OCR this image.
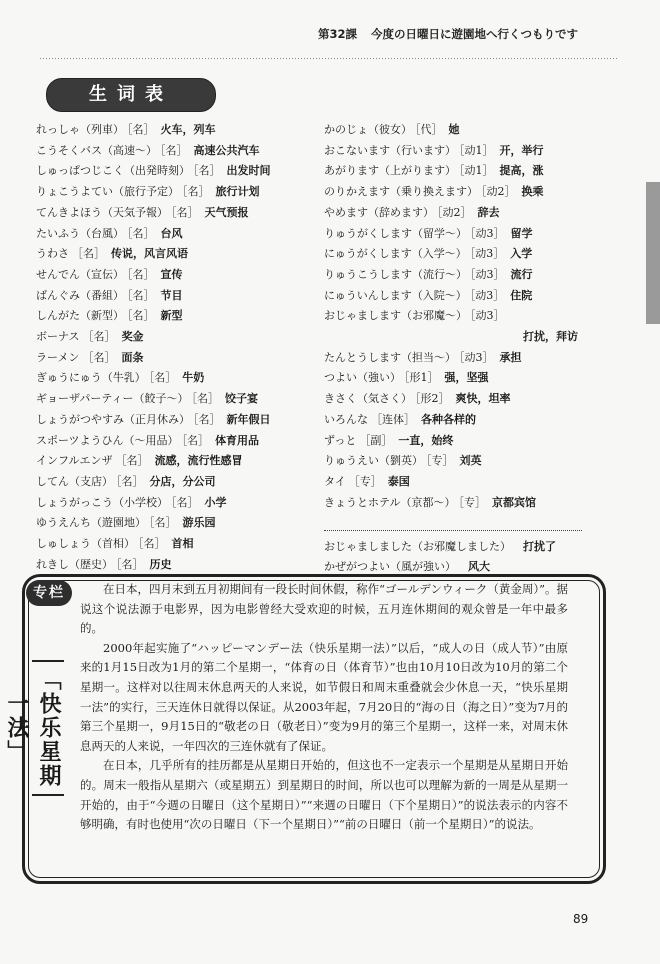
第32課 今度の日曜日に遊園地へ行くつもりです
生词表
れっしゃ（列車） ［名］ 火车，列车
こうそくバス（高速～） ［名］ 高速公共汽车
しゅっぱつじこく（出発時刻） ［名］ 出发时间
りょこうよてい（旅行予定） ［名］ 旅行计划
てんきよほう（天気予報） ［名］ 天气预报
たいふう（台風） ［名］ 台风
うわさ ［名］ 传说，风言风语
せんでん（宣伝） ［名］ 宣传
ばんぐみ（番組） ［名］ 节目
しんがた（新型） ［名］ 新型
ボーナス ［名］ 奖金
ラーメン ［名］ 面条
ぎゅうにゅう（牛乳） ［名］ 牛奶
ギョーザパーティー（餃子～） ［名］ 饺子宴
しょうがつやすみ（正月休み） ［名］ 新年假日
スポーツようひん（～用品） ［名］ 体育用品
インフルエンザ ［名］ 流感，流行性感冒
してん（支店） ［名］ 分店，分公司
しょうがっこう（小学校） ［名］ 小学
ゆうえんち（遊園地） ［名］ 游乐园
しゅしょう（首相） ［名］ 首相
れきし（歴史） ［名］ 历史
かのじょ（彼女） ［代］ 她
おこないます（行います） ［动1］ 开，举行
あがります（上がります） ［动1］ 提高，涨
のりかえます（乗り換えます） ［动2］ 换乘
やめます（辞めます） ［动2］ 辞去
りゅうがくします（留学～） ［动3］ 留学
にゅうがくします（入学～） ［动3］ 入学
りゅうこうします（流行～） ［动3］ 流行
にゅういんします（入院～） ［动3］ 住院
おじゃまします（お邪魔～） ［动3］
打扰，拜访
たんとうします（担当～） ［动3］ 承担
つよい（強い） ［形1］ 强，坚强
きさく（気さく） ［形2］ 爽快，坦率
いろんな ［连体］ 各种各样的
ずっと ［副］ 一直，始终
りゅうえい（劉英） ［专］ 刘英
タイ ［专］ 泰国
きょうとホテル（京都～） ［专］ 京都宾馆
おじゃましました（お邪魔しました） 打扰了
かぜがつよい（風が強い） 风大
专栏
「快乐星期一法」

在日本，四月末到五月初期间有一段长时间休假，称作“ゴールデンウィーク（黄金周）”。据说这个说法源于电影界，因为电影曾经大受欢迎的时候，五月连休期间的观众曾是一年中最多的。

2000年起实施了“ハッピーマンデー法（快乐星期一法）”以后，“成人の日（成人节）”由原来的1月15日改为1月的第二个星期一，“体育の日（体育节）”也由10月10日改为10月的第二个星期一。这样对以往周末休息两天的人来说，如节假日和周末重叠就会少休息一天，“快乐星期一法”的实行，三天连休日就得以保证。从2003年起，7月20日的“海の日（海之日）”变为7月的第三个星期一，9月15日的“敬老の日（敬老日）”变为9月的第三个星期一，这样一来，对周末休息两天的人来说，一年四次的三连休就有了保证。

在日本，几乎所有的挂历都是从星期日开始的，但这也不一定表示一个星期是从星期日开始的。周末一般指从星期六（或星期五）到星期日的时间，所以也可以理解为新的一周是从星期一开始的，由于“今週の日曜日（这个星期日）”“来週の日曜日（下个星期日）”的说法表示的内容不够明确，有时也使用“次の日曜日（下一个星期日）”“前の日曜日（前一个星期日）”的说法。

89
